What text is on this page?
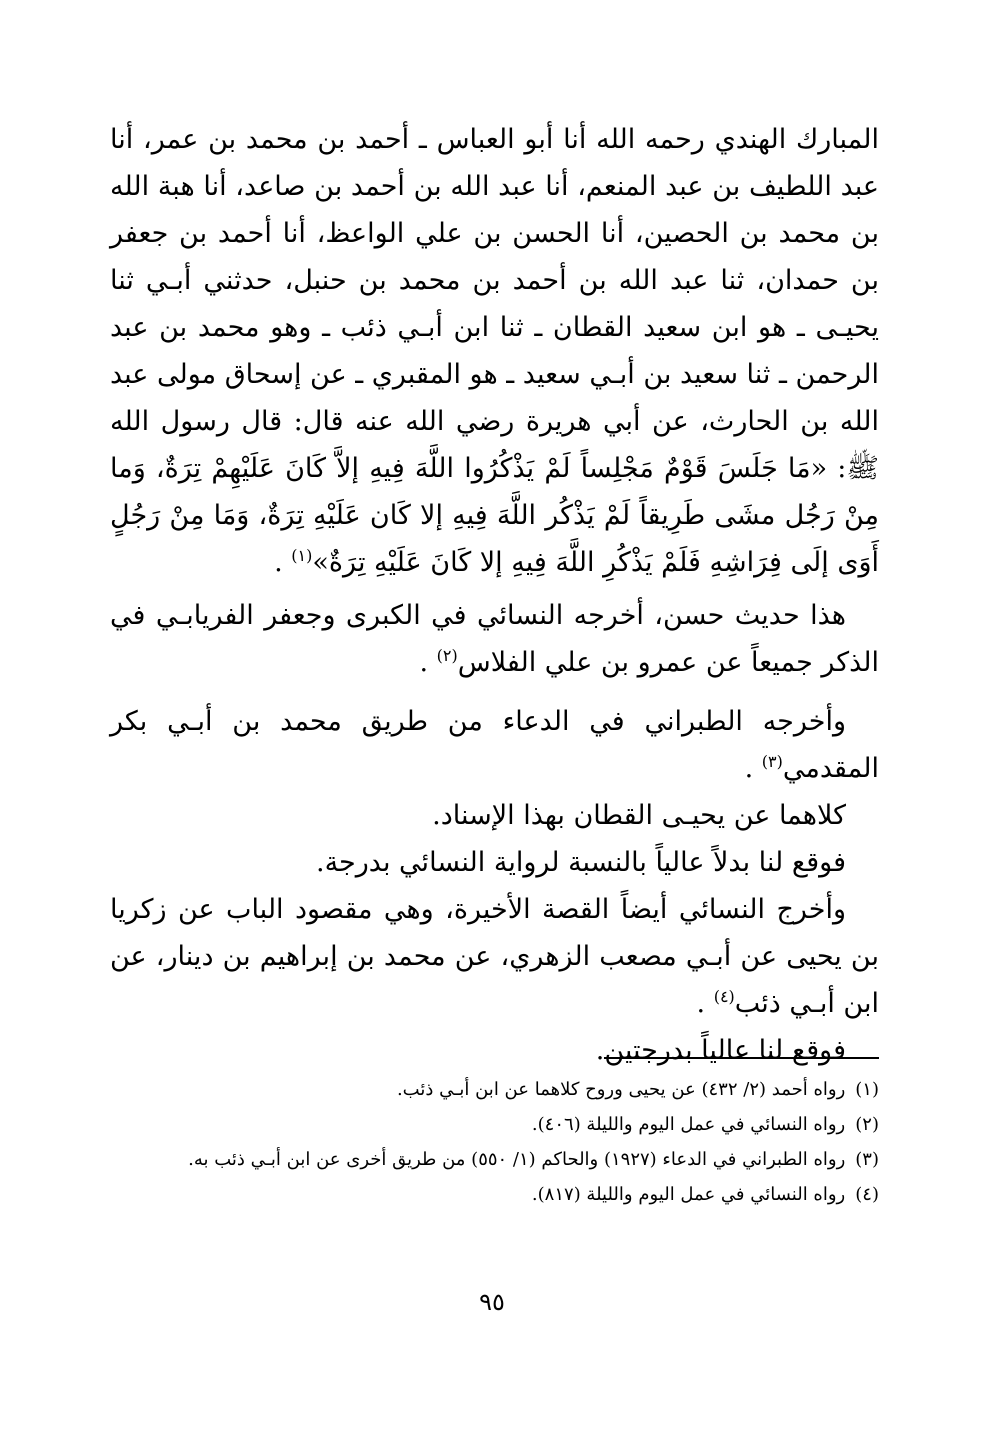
المبارك الهندي رحمه الله أنا أبو العباس ـ أحمد بن محمد بن عمر، أنا عبد اللطيف بن عبد المنعم، أنا عبد الله بن أحمد بن صاعد، أنا هبة الله بن محمد بن الحصين، أنا الحسن بن علي الواعظ، أنا أحمد بن جعفر بن حمدان، ثنا عبد الله بن أحمد بن محمد بن حنبل، حدثني أبـي ثنا يحيـى ـ هو ابن سعيد القطان ـ ثنا ابن أبـي ذئب ـ وهو محمد بن عبد الرحمن ـ ثنا سعيد بن أبـي سعيد ـ هو المقبري ـ عن إسحاق مولى عبد الله بن الحارث، عن أبي هريرة رضي الله عنه قال: قال رسول الله ﷺ: «مَا جَلَسَ قَوْمٌ مَجْلِساً لَمْ يَذْكُرُوا اللَّهَ فِيهِ إلاَّ كَانَ عَلَيْهِمْ تِرَةٌ، وَما مِنْ رَجُل مشَى طَرِيقاً لَمْ يَذْكُر اللَّهَ فِيهِ إلا كَان عَلَيْهِ تِرَةٌ، وَمَا مِنْ رَجُلٍ أَوَى إلَى فِرَاشِهِ فَلَمْ يَذْكُرِ اللَّهَ فِيهِ إلا كَانَ عَلَيْهِ تِرَةٌ»$^{(١)}$ .

هذا حديث حسن، أخرجه النسائي في الكبرى وجعفر الفريابـي في الذكر جميعاً عن عمرو بن علي الفلاس$^{(٢)}$ .

وأخرجه الطبراني في الدعاء من طريق محمد بن أبـي بكر المقدمي$^{(٣)}$ .

كلاهما عن يحيـى القطان بهذا الإسناد.

فوقع لنا بدلاً عالياً بالنسبة لرواية النسائي بدرجة.

وأخرج النسائي أيضاً القصة الأخيرة، وهي مقصود الباب عن زكريا بن يحيى عن أبـي مصعب الزهري، عن محمد بن إبراهيم بن دينار، عن ابن أبـي ذئب$^{(٤)}$ .

فوقع لنا عالياً بدرجتين.

(١)رواه أحمد (٢/ ٤٣٢) عن يحيى وروح كلاهما عن ابن أبـي ذئب.

(٢)رواه النسائي في عمل اليوم والليلة (٤٠٦).

(٣)رواه الطبراني في الدعاء (١٩٢٧) والحاكم (١/ ٥٥٠) من طريق أخرى عن ابن أبـي ذئب به.

(٤)رواه النسائي في عمل اليوم والليلة (٨١٧).

٩٥
